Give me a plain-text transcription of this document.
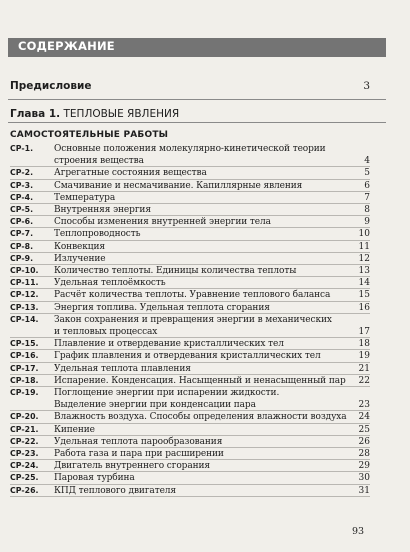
СОДЕРЖАНИЕ
Предисловие	3
Глава 1. ТЕПЛОВЫЕ ЯВЛЕНИЯ
САМОСТОЯТЕЛЬНЫЕ РАБОТЫ
СР-1. Основные положения молекулярно-кинетической теории
строения вещества	4
СР-2. Агрегатные состояния вещества	5
СР-3. Смачивание и несмачивание. Капиллярные явления	6
СР-4. Температура	7
СР-5. Внутренняя энергия	8
СР-6. Способы изменения внутренней энергии тела	9
СР-7. Теплопроводность	10
СР-8. Конвекция	11
СР-9. Излучение	12
СР-10. Количество теплоты. Единицы количества теплоты	13
СР-11. Удельная теплоёмкость	14
СР-12. Расчёт количества теплоты. Уравнение теплового баланса	15
СР-13. Энергия топлива. Удельная теплота сгорания	16
СР-14. Закон сохранения и превращения энергии в механических
и тепловых процессах	17
СР-15. Плавление и отвердевание кристаллических тел	18
СР-16. График плавления и отвердевания кристаллических тел	19
СР-17. Удельная теплота плавления	21
СР-18. Испарение. Конденсация. Насыщенный и ненасыщенный пар 22
СР-19. Поглощение энергии при испарении жидкости.
Выделение энергии при конденсации пара	23
СР-20. Влажность воздуха. Способы определения влажности воздуха 24
СР-21. Кипение	25
СР-22. Удельная теплота парообразования	26
СР-23. Работа газа и пара при расширении	28
СР-24. Двигатель внутреннего сгорания	29
СР-25. Паровая турбина	30
СР-26. КПД теплового двигателя	31
93
